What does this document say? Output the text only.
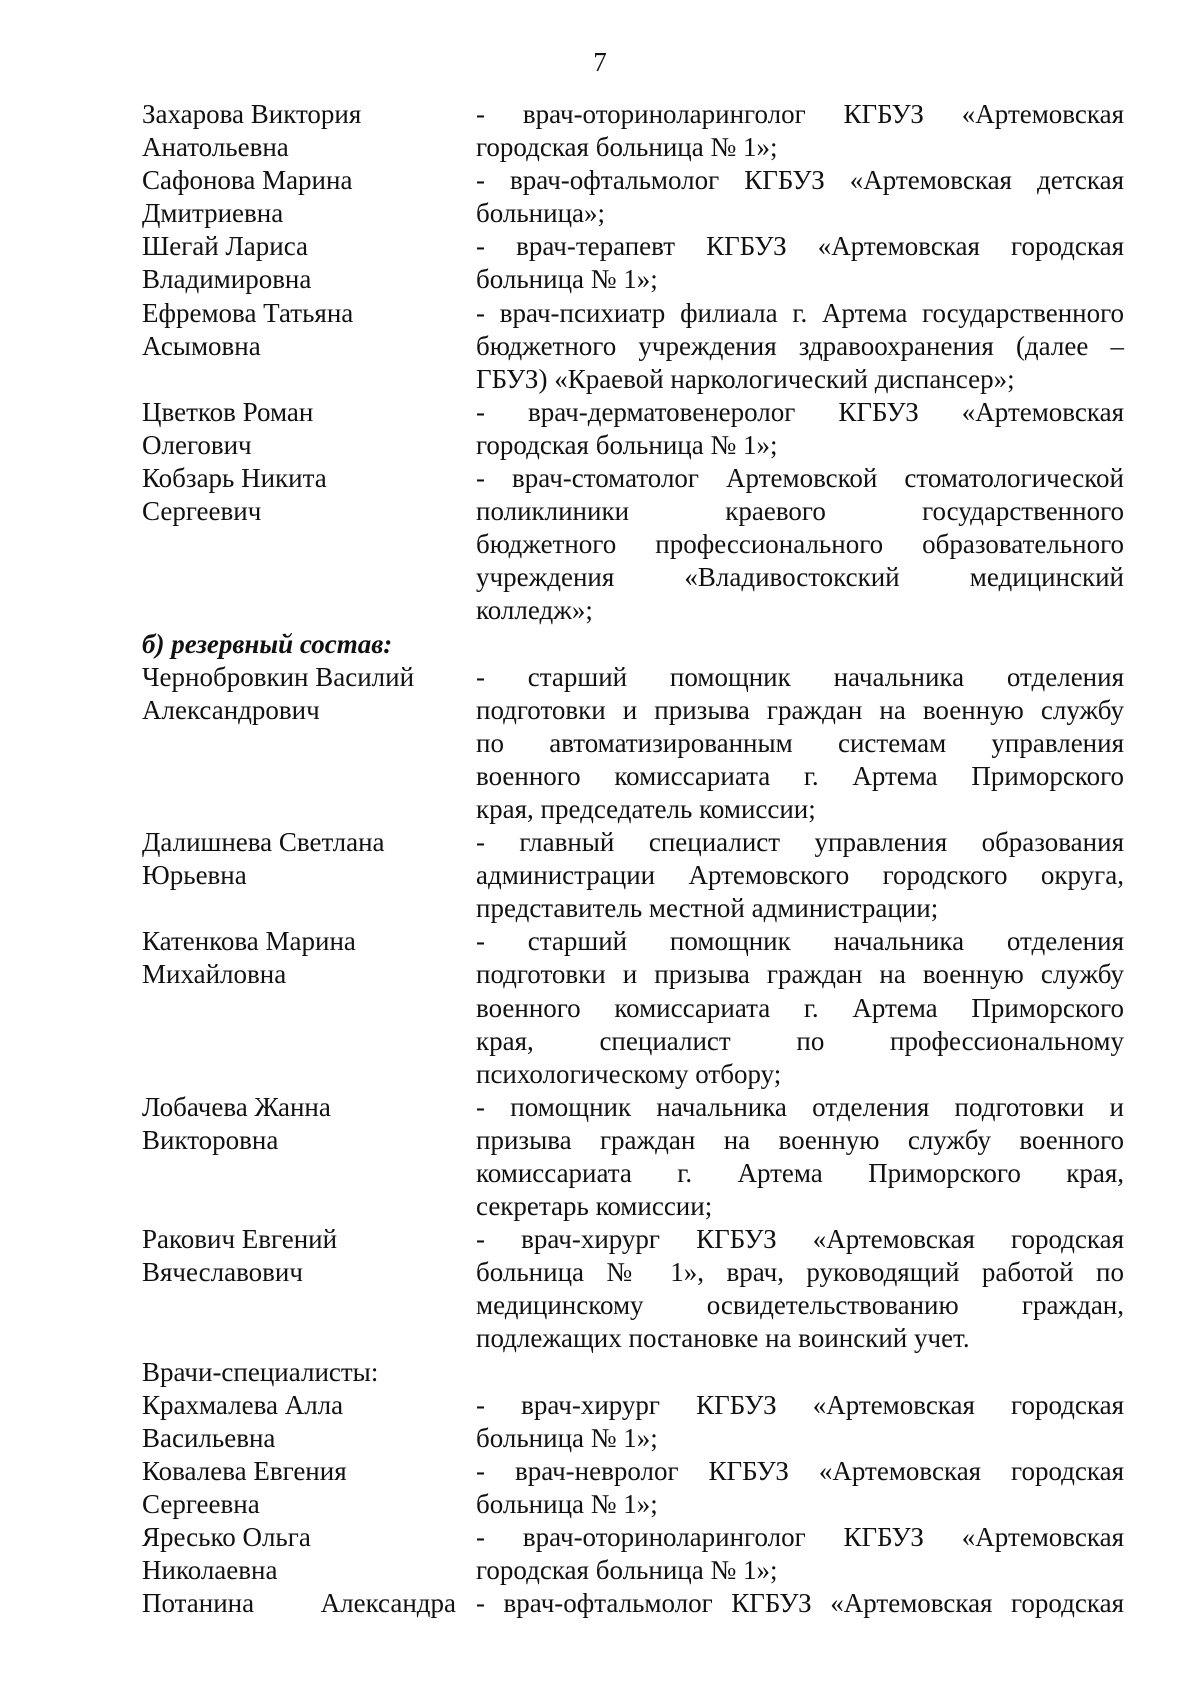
7
Захарова Виктория
Анатольевна
- врач-оториноларинголог КГБУЗ «Артемовская
городская больница № 1»;
Сафонова Марина
Дмитриевна
- врач-офтальмолог КГБУЗ «Артемовская детская
больница»;
Шегай Лариса
Владимировна
- врач-терапевт КГБУЗ «Артемовская городская
больница № 1»;
Ефремова Татьяна
Асымовна
- врач-психиатр филиала г. Артема государственного
бюджетного учреждения здравоохранения (далее –
ГБУЗ) «Краевой наркологический диспансер»;
Цветков Роман
Олегович
- врач-дерматовенеролог КГБУЗ «Артемовская
городская больница № 1»;
Кобзарь Никита
Сергеевич
- врач-стоматолог Артемовской стоматологической
поликлиники краевого государственного
бюджетного профессионального образовательного
учреждения «Владивостокский медицинский
колледж»;
б) резервный состав:
Чернобровкин Василий
Александрович
- старший помощник начальника отделения
подготовки и призыва граждан на военную службу
по автоматизированным системам управления
военного комиссариата г. Артема Приморского
края, председатель комиссии;
Далишнева Светлана
Юрьевна
- главный специалист управления образования
администрации Артемовского городского округа,
представитель местной администрации;
Катенкова Марина
Михайловна
- старший помощник начальника отделения
подготовки и призыва граждан на военную службу
военного комиссариата г. Артема Приморского
края, специалист по профессиональному
психологическому отбору;
Лобачева Жанна
Викторовна
- помощник начальника отделения подготовки и
призыва граждан на военную службу военного
комиссариата г. Артема Приморского края,
секретарь комиссии;
Ракович Евгений
Вячеславович
- врач-хирург КГБУЗ «Артемовская городская
больница № 1», врач, руководящий работой по
медицинскому освидетельствованию граждан,
подлежащих постановке на воинский учет.
Врачи-специалисты:
Крахмалева Алла
Васильевна
- врач-хирург КГБУЗ «Артемовская городская
больница № 1»;
Ковалева Евгения
Сергеевна
- врач-невролог КГБУЗ «Артемовская городская
больница № 1»;
Яресько Ольга
Николаевна
- врач-оториноларинголог КГБУЗ «Артемовская
городская больница № 1»;
Потанина Александра - врач-офтальмолог КГБУЗ «Артемовская городская
